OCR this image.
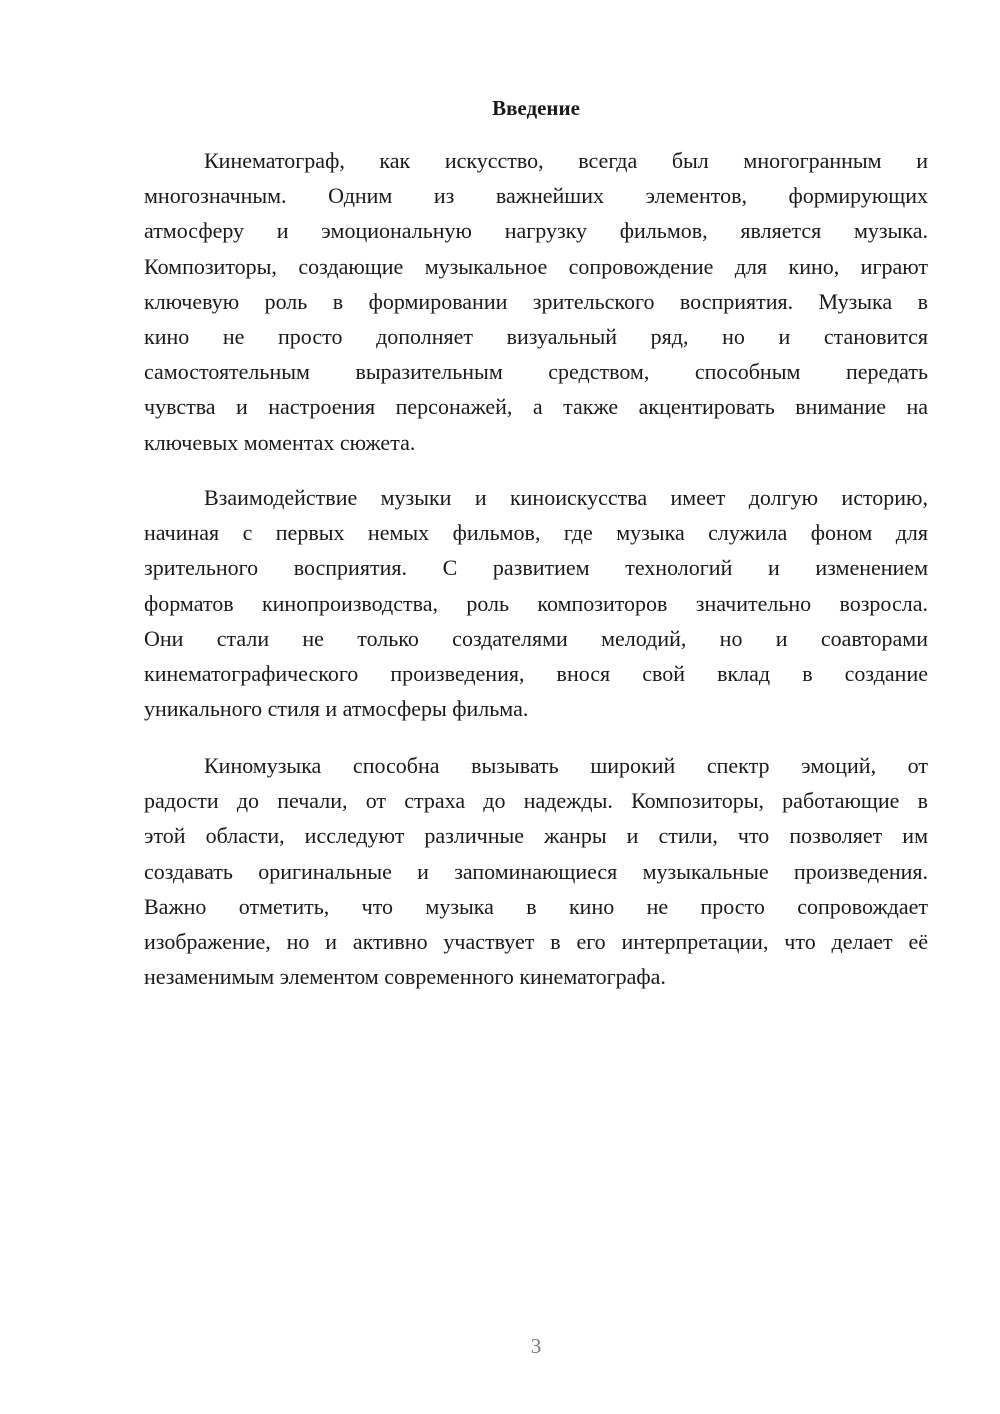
Введение
Кинематограф, как искусство, всегда был многогранным и
многозначным. Одним из важнейших элементов, формирующих
атмосферу и эмоциональную нагрузку фильмов, является музыка.
Композиторы, создающие музыкальное сопровождение для кино, играют
ключевую роль в формировании зрительского восприятия. Музыка в
кино не просто дополняет визуальный ряд, но и становится
самостоятельным выразительным средством, способным передать
чувства и настроения персонажей, а также акцентировать внимание на
ключевых моментах сюжета.
Взаимодействие музыки и киноискусства имеет долгую историю,
начиная с первых немых фильмов, где музыка служила фоном для
зрительного восприятия. С развитием технологий и изменением
форматов кинопроизводства, роль композиторов значительно возросла.
Они стали не только создателями мелодий, но и соавторами
кинематографического произведения, внося свой вклад в создание
уникального стиля и атмосферы фильма.
Киномузыка способна вызывать широкий спектр эмоций, от
радости до печали, от страха до надежды. Композиторы, работающие в
этой области, исследуют различные жанры и стили, что позволяет им
создавать оригинальные и запоминающиеся музыкальные произведения.
Важно отметить, что музыка в кино не просто сопровождает
изображение, но и активно участвует в его интерпретации, что делает её
незаменимым элементом современного кинематографа.
3
